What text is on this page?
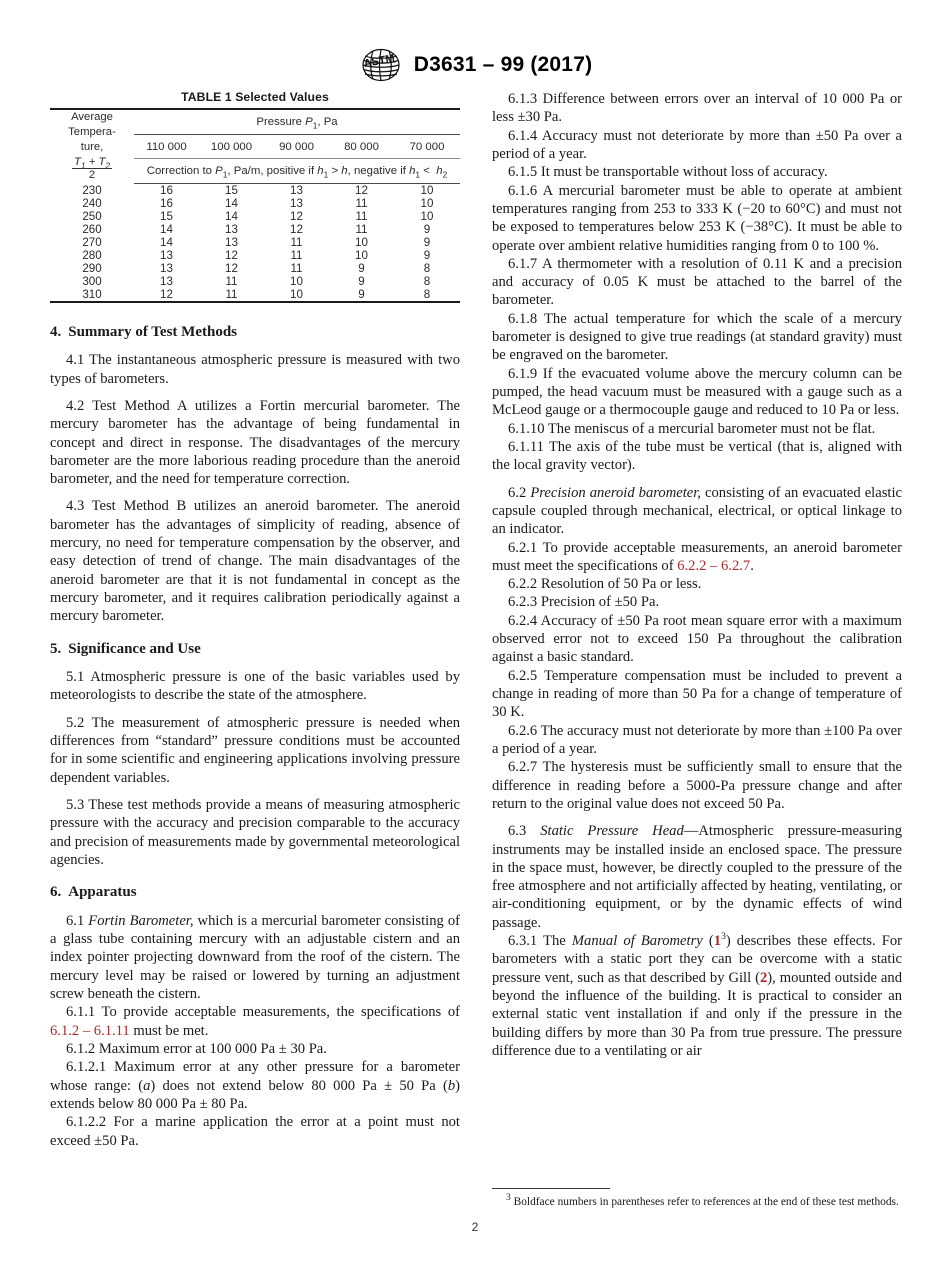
ASTM D3631 – 99 (2017)
TABLE 1 Selected Values
Average
Tempera-
ture,
$\frac{T_1 + T_2}{2}$	Pressure $P_1$, Pa				
	110 000	100 000	90 000	80 000	70 000
	Correction to $P_1$, Pa/m, positive if $h_1 > h$, negative if $h_1 < h_2$
230	16	15	13	12	10
240	16	14	13	11	10
250	15	14	12	11	10
260	14	13	12	11	9
270	14	13	11	10	9
280	13	12	11	10	9
290	13	12	11	9	8
300	13	11	10	9	8
310	12	11	10	9	8
4. Summary of Test Methods

4.1 The instantaneous atmospheric pressure is measured with two types of barometers.

4.2 Test Method A utilizes a Fortin mercurial barometer. The mercury barometer has the advantage of being fundamental in concept and direct in response. The disadvantages of the mercury barometer are the more laborious reading procedure than the aneroid barometer, and the need for temperature correction.

4.3 Test Method B utilizes an aneroid barometer. The aneroid barometer has the advantages of simplicity of reading, absence of mercury, no need for temperature compensation by the observer, and easy detection of trend of change. The main disadvantages of the aneroid barometer are that it is not fundamental in concept as the mercury barometer, and it requires calibration periodically against a mercury barometer.

5. Significance and Use

5.1 Atmospheric pressure is one of the basic variables used by meteorologists to describe the state of the atmosphere.

5.2 The measurement of atmospheric pressure is needed when differences from “standard” pressure conditions must be accounted for in some scientific and engineering applications involving pressure dependent variables.

5.3 These test methods provide a means of measuring atmospheric pressure with the accuracy and precision comparable to the accuracy and precision of measurements made by governmental meteorological agencies.

6. Apparatus

6.1 Fortin Barometer, which is a mercurial barometer consisting of a glass tube containing mercury with an adjustable cistern and an index pointer projecting downward from the roof of the cistern. The mercury level may be raised or lowered by turning an adjustment screw beneath the cistern.

6.1.1 To provide acceptable measurements, the specifications of 6.1.2 – 6.1.11 must be met.

6.1.2 Maximum error at 100 000 Pa ± 30 Pa.

6.1.2.1 Maximum error at any other pressure for a barometer whose range: (a) does not extend below 80 000 Pa ± 50 Pa (b) extends below 80 000 Pa ± 80 Pa.

6.1.2.2 For a marine application the error at a point must not exceed ±50 Pa.

6.1.3 Difference between errors over an interval of 10 000 Pa or less ±30 Pa.

6.1.4 Accuracy must not deteriorate by more than ±50 Pa over a period of a year.

6.1.5 It must be transportable without loss of accuracy.

6.1.6 A mercurial barometer must be able to operate at ambient temperatures ranging from 253 to 333 K (−20 to 60°C) and must not be exposed to temperatures below 253 K (−38°C). It must be able to operate over ambient relative humidities ranging from 0 to 100 %.

6.1.7 A thermometer with a resolution of 0.11 K and a precision and accuracy of 0.05 K must be attached to the barrel of the barometer.

6.1.8 The actual temperature for which the scale of a mercury barometer is designed to give true readings (at standard gravity) must be engraved on the barometer.

6.1.9 If the evacuated volume above the mercury column can be pumped, the head vacuum must be measured with a gauge such as a McLeod gauge or a thermocouple gauge and reduced to 10 Pa or less.

6.1.10 The meniscus of a mercurial barometer must not be flat.

6.1.11 The axis of the tube must be vertical (that is, aligned with the local gravity vector).

6.2 Precision aneroid barometer, consisting of an evacuated elastic capsule coupled through mechanical, electrical, or optical linkage to an indicator.

6.2.1 To provide acceptable measurements, an aneroid barometer must meet the specifications of 6.2.2 – 6.2.7.

6.2.2 Resolution of 50 Pa or less.

6.2.3 Precision of ±50 Pa.

6.2.4 Accuracy of ±50 Pa root mean square error with a maximum observed error not to exceed 150 Pa throughout the calibration against a basic standard.

6.2.5 Temperature compensation must be included to prevent a change in reading of more than 50 Pa for a change of temperature of 30 K.

6.2.6 The accuracy must not deteriorate by more than ±100 Pa over a period of a year.

6.2.7 The hysteresis must be sufficiently small to ensure that the difference in reading before a 5000-Pa pressure change and after return to the original value does not exceed 50 Pa.

6.3 Static Pressure Head—Atmospheric pressure-measuring instruments may be installed inside an enclosed space. The pressure in the space must, however, be directly coupled to the pressure of the free atmosphere and not artificially affected by heating, ventilating, or air-conditioning equipment, or by the dynamic effects of wind passage.

6.3.1 The Manual of Barometry (1$^3$) describes these effects. For barometers with a static port they can be overcome with a static pressure vent, such as that described by Gill (2), mounted outside and beyond the influence of the building. It is practical to consider an external static vent installation if and only if the pressure in the building differs by more than 30 Pa from true pressure. The pressure difference due to a ventilating or air

$^3$ Boldface numbers in parentheses refer to references at the end of these test methods.

2
